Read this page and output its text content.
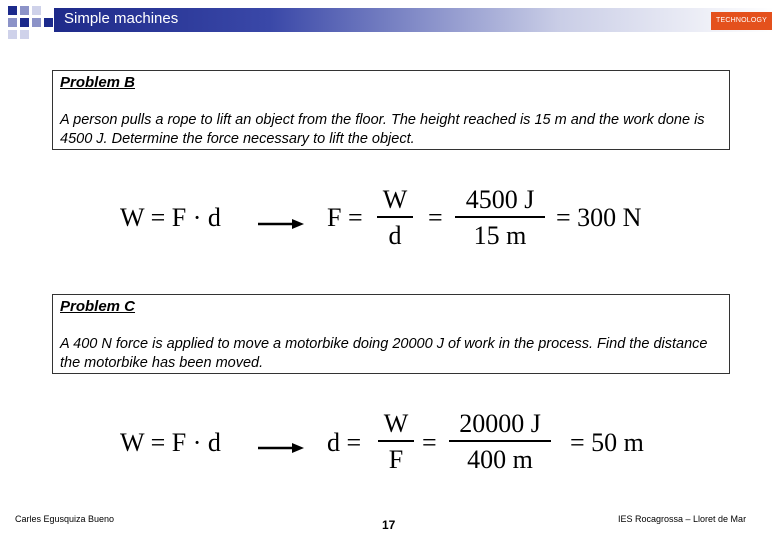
Simple machines	TECHNOLOGY
Problem B
A person pulls a rope to lift an object from the floor. The height reached is 15 m and the work done is 4500 J. Determine the force necessary to lift the object.
W = F · d	F =
W
d
=
4500 J
15 m
= 300 N
Problem C
A 400 N force is applied to move a motorbike doing 20000 J of work in the process. Find the distance the motorbike has been moved.
W = F · d	d =
W
F
=
20000 J
400 m
= 50 m
Carles Egusquiza Bueno	17	IES Rocagrossa – Lloret de Mar
